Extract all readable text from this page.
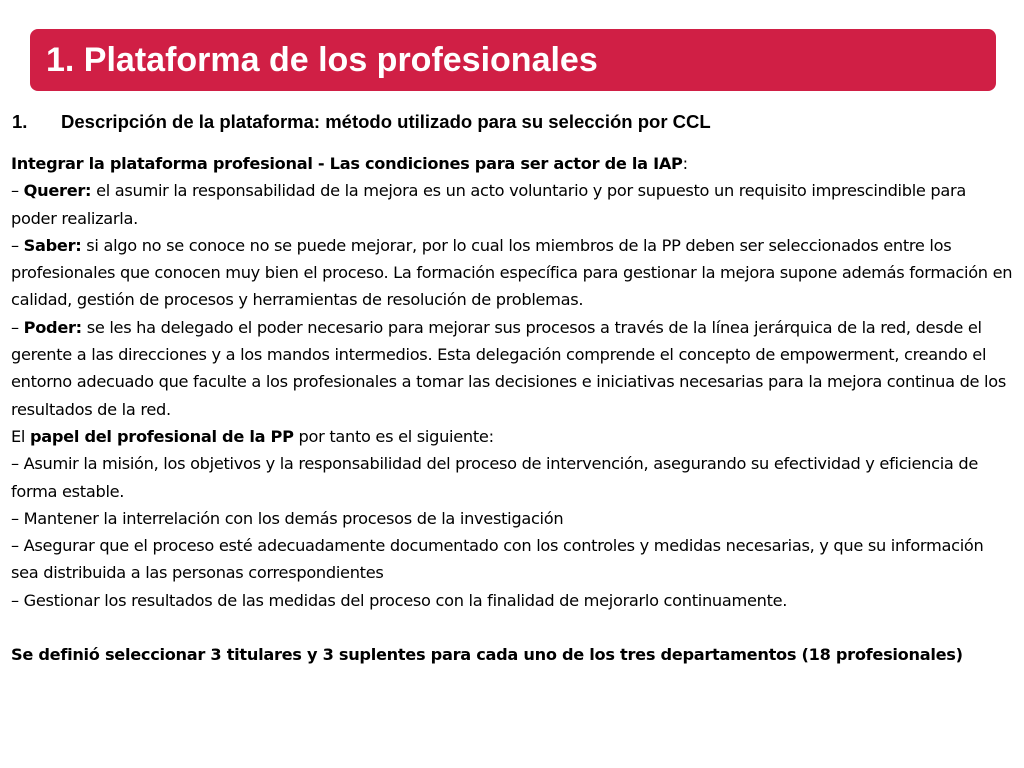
1. Plataforma de los profesionales
1. Descripción de la plataforma: método utilizado para su selección por CCL

Integrar la plataforma profesional - Las condiciones para ser actor de la IAP:

– Querer: el asumir la responsabilidad de la mejora es un acto voluntario y por supuesto un requisito imprescindible para poder realizarla.

– Saber: si algo no se conoce no se puede mejorar, por lo cual los miembros de la PP deben ser seleccionados entre los profesionales que conocen muy bien el proceso. La formación específica para gestionar la mejora supone además formación en calidad, gestión de procesos y herramientas de resolución de problemas.

– Poder: se les ha delegado el poder necesario para mejorar sus procesos a través de la línea jerárquica de la red, desde el gerente a las direcciones y a los mandos intermedios. Esta delegación comprende el concepto de empowerment, creando el entorno adecuado que faculte a los profesionales a tomar las decisiones e iniciativas necesarias para la mejora continua de los resultados de la red.

El papel del profesional de la PP por tanto es el siguiente:

– Asumir la misión, los objetivos y la responsabilidad del proceso de intervención, asegurando su efectividad y eficiencia de forma estable.

– Mantener la interrelación con los demás procesos de la investigación

– Asegurar que el proceso esté adecuadamente documentado con los controles y medidas necesarias, y que su información sea distribuida a las personas correspondientes

– Gestionar los resultados de las medidas del proceso con la finalidad de mejorarlo continuamente.

Se definió seleccionar 3 titulares y 3 suplentes para cada uno de los tres departamentos (18 profesionales)
